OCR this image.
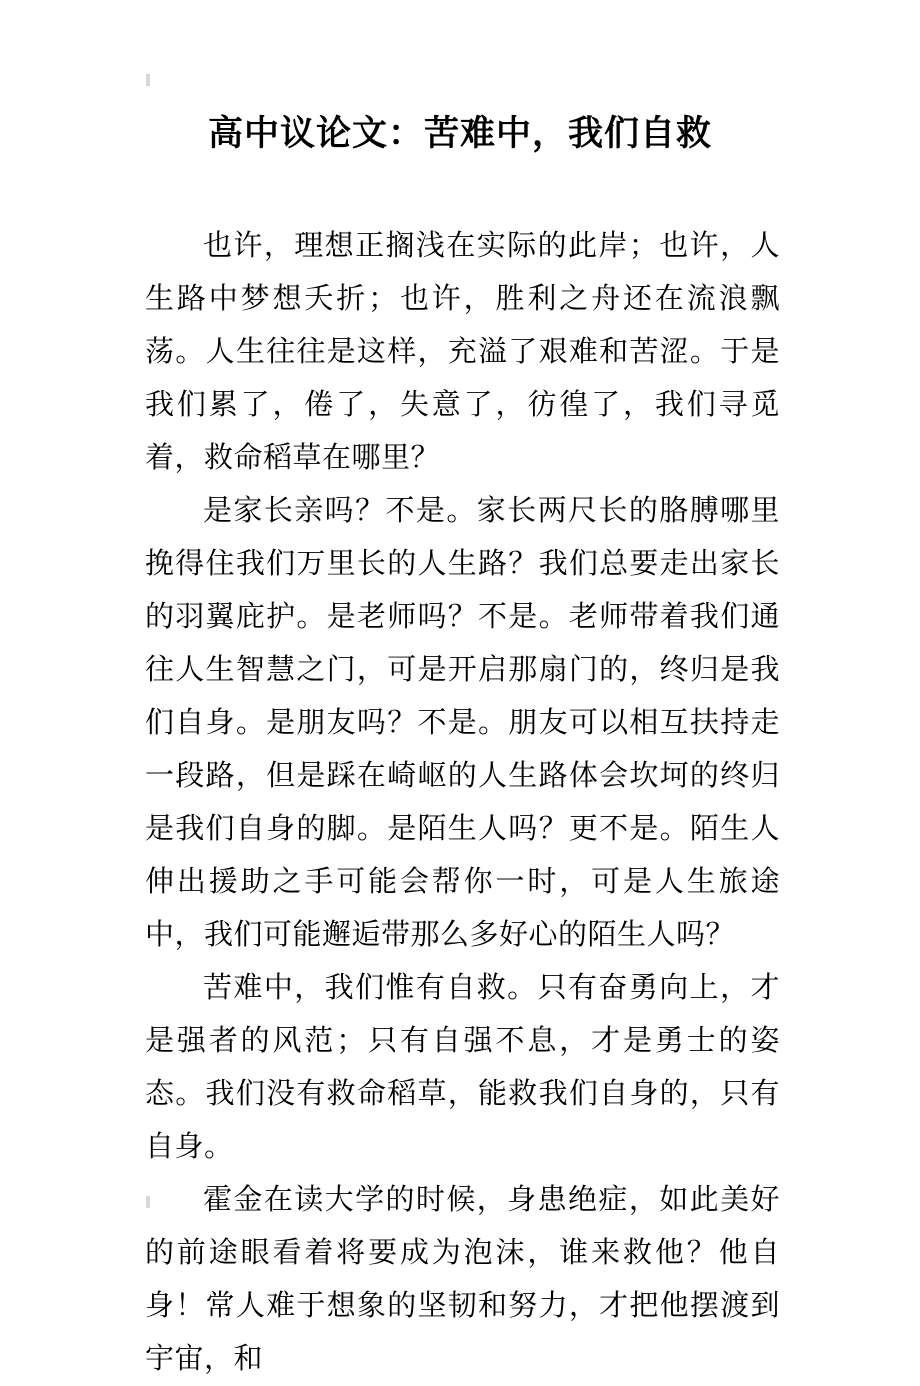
高中议论文：苦难中，我们自救

也许，理想正搁浅在实际的此岸；也许，人生路中梦想夭折；也许，胜利之舟还在流浪飘荡。人生往往是这样，充溢了艰难和苦涩。于是我们累了，倦了，失意了，彷徨了，我们寻觅着，救命稻草在哪里？

是家长亲吗？不是。家长两尺长的胳膊哪里挽得住我们万里长的人生路？我们总要走出家长的羽翼庇护。是老师吗？不是。老师带着我们通往人生智慧之门，可是开启那扇门的，终归是我们自身。是朋友吗？不是。朋友可以相互扶持走一段路，但是踩在崎岖的人生路体会坎坷的终归是我们自身的脚。是陌生人吗？更不是。陌生人伸出援助之手可能会帮你一时，可是人生旅途中，我们可能邂逅带那么多好心的陌生人吗？

苦难中，我们惟有自救。只有奋勇向上，才是强者的风范；只有自强不息，才是勇士的姿态。我们没有救命稻草，能救我们自身的，只有自身。

霍金在读大学的时候，身患绝症，如此美好的前途眼看着将要成为泡沫，谁来救他？他自身！常人难于想象的坚韧和努力，才把他摆渡到宇宙，和
